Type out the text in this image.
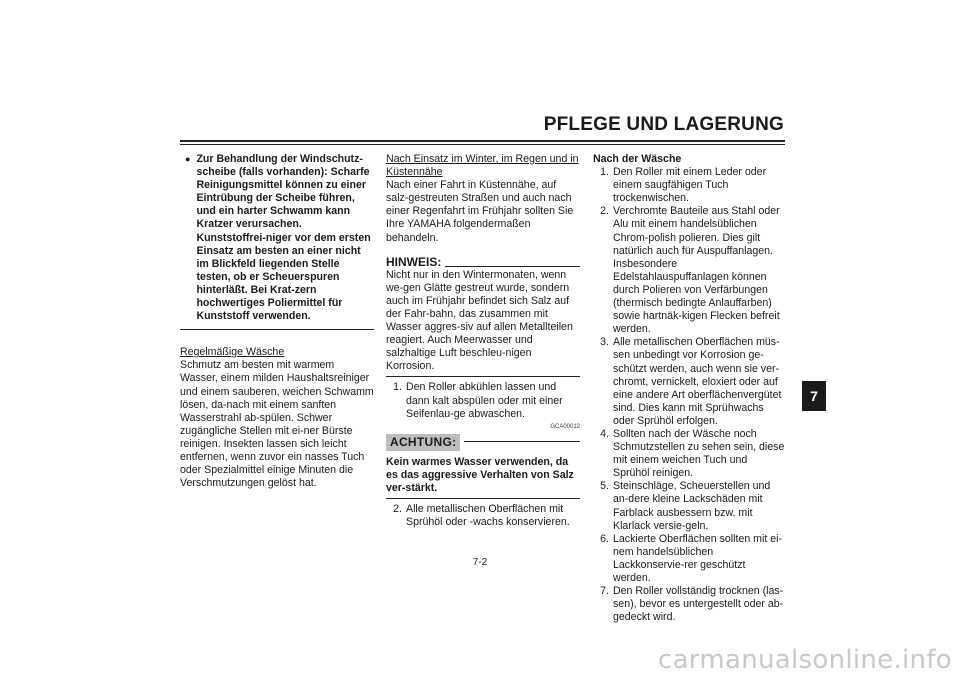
PFLEGE UND LAGERUNG
7
● Zur Behandlung der Windschutz-scheibe (falls vorhanden): Scharfe Reinigungsmittel können zu einer Eintrübung der Scheibe führen, und ein harter Schwamm kann Kratzer verursachen. Kunststoffrei-niger vor dem ersten Einsatz am besten an einer nicht im Blickfeld liegenden Stelle testen, ob er Scheuerspuren hinterläßt. Bei Krat-zern hochwertiges Poliermittel für Kunststoff verwenden.

Regelmäßige Wäsche

Schmutz am besten mit warmem Wasser, einem milden Haushaltsreiniger und einem sauberen, weichen Schwamm lösen, da-nach mit einem sanften Wasserstrahl ab-spülen. Schwer zugängliche Stellen mit ei-ner Bürste reinigen. Insekten lassen sich leicht entfernen, wenn zuvor ein nasses Tuch oder Spezialmittel einige Minuten die Verschmutzungen gelöst hat.

Nach Einsatz im Winter, im Regen und in Küstennähe

Nach einer Fahrt in Küstennähe, auf salz-gestreuten Straßen und auch nach einer Regenfahrt im Frühjahr sollten Sie Ihre YAMAHA folgendermaßen behandeln.

HINWEIS:

Nicht nur in den Wintermonaten, wenn we-gen Glätte gestreut wurde, sondern auch im Frühjahr befindet sich Salz auf der Fahr-bahn, das zusammen mit Wasser aggres-siv auf allen Metallteilen reagiert. Auch Meerwasser und salzhaltige Luft beschleu-nigen Korrosion.

1. Den Roller abkühlen lassen und dann kalt abspülen oder mit einer Seifenlau-ge abwaschen.
GCA00012
ACHTUNG:

Kein warmes Wasser verwenden, da es das aggressive Verhalten von Salz ver-stärkt.

2. Alle metallischen Oberflächen mit Sprühöl oder -wachs konservieren.

Nach der Wäsche

1. Den Roller mit einem Leder oder einem saugfähigen Tuch trockenwischen.
2. Verchromte Bauteile aus Stahl oder Alu mit einem handelsüblichen Chrom-polish polieren. Dies gilt natürlich auch für Auspuffanlagen. Insbesondere Edelstahlauspuffanlagen können durch Polieren von Verfärbungen (thermisch bedingte Anlauffarben) sowie hartnäk-kigen Flecken befreit werden.
3. Alle metallischen Oberflächen müs-sen unbedingt vor Korrosion ge-schützt werden, auch wenn sie ver-chromt, vernickelt, eloxiert oder auf eine andere Art oberflächenvergütet sind. Dies kann mit Sprühwachs oder Sprühöl erfolgen.
4. Sollten nach der Wäsche noch Schmutzstellen zu sehen sein, diese mit einem weichen Tuch und Sprühöl reinigen.
5. Steinschläge, Scheuerstellen und an-dere kleine Lackschäden mit Farblack ausbessern bzw. mit Klarlack versie-geln.
6. Lackierte Oberflächen sollten mit ei-nem handelsüblichen Lackkonservie-rer geschützt werden.
7. Den Roller vollständig trocknen (las-sen), bevor es untergestellt oder ab-gedeckt wird.
7-2
carmanualsonline.info
